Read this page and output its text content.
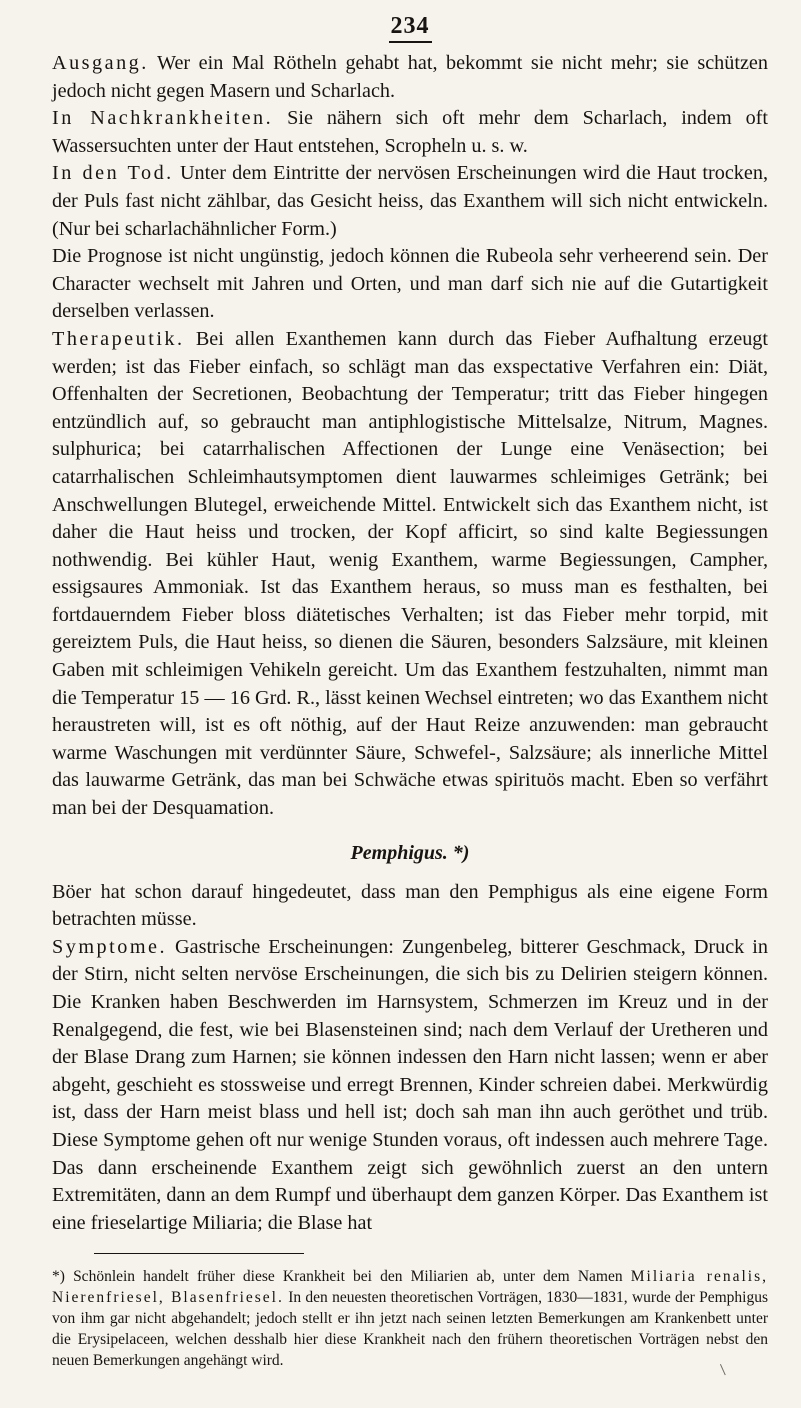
234

Ausgang. Wer ein Mal Rötheln gehabt hat, bekommt sie nicht mehr; sie schützen jedoch nicht gegen Masern und Scharlach.

In Nachkrankheiten. Sie nähern sich oft mehr dem Scharlach, indem oft Wassersuchten unter der Haut entstehen, Scropheln u. s. w.

In den Tod. Unter dem Eintritte der nervösen Erscheinungen wird die Haut trocken, der Puls fast nicht zählbar, das Gesicht heiss, das Exanthem will sich nicht entwickeln. (Nur bei scharlachähnlicher Form.)

Die Prognose ist nicht ungünstig, jedoch können die Rubeola sehr verheerend sein. Der Character wechselt mit Jahren und Orten, und man darf sich nie auf die Gutartigkeit derselben verlassen.

Therapeutik. Bei allen Exanthemen kann durch das Fieber Aufhaltung erzeugt werden; ist das Fieber einfach, so schlägt man das exspectative Verfahren ein: Diät, Offenhalten der Secretionen, Beobachtung der Temperatur; tritt das Fieber hingegen entzündlich auf, so gebraucht man antiphlogistische Mittelsalze, Nitrum, Magnes. sulphurica; bei catarrhalischen Affectionen der Lunge eine Venäsection; bei catarrhalischen Schleimhautsymptomen dient lauwarmes schleimiges Getränk; bei Anschwellungen Blutegel, erweichende Mittel. Entwickelt sich das Exanthem nicht, ist daher die Haut heiss und trocken, der Kopf afficirt, so sind kalte Begiessungen nothwendig. Bei kühler Haut, wenig Exanthem, warme Begiessungen, Campher, essigsaures Ammoniak. Ist das Exanthem heraus, so muss man es festhalten, bei fortdauerndem Fieber bloss diätetisches Verhalten; ist das Fieber mehr torpid, mit gereiztem Puls, die Haut heiss, so dienen die Säuren, besonders Salzsäure, mit kleinen Gaben mit schleimigen Vehikeln gereicht. Um das Exanthem festzuhalten, nimmt man die Temperatur 15 — 16 Grd. R., lässt keinen Wechsel eintreten; wo das Exanthem nicht heraustreten will, ist es oft nöthig, auf der Haut Reize anzuwenden: man gebraucht warme Waschungen mit verdünnter Säure, Schwefel-, Salzsäure; als innerliche Mittel das lauwarme Getränk, das man bei Schwäche etwas spirituös macht. Eben so verfährt man bei der Desquamation.

Pemphigus. *)

Böer hat schon darauf hingedeutet, dass man den Pemphigus als eine eigene Form betrachten müsse.

Symptome. Gastrische Erscheinungen: Zungenbeleg, bitterer Geschmack, Druck in der Stirn, nicht selten nervöse Erscheinungen, die sich bis zu Delirien steigern können. Die Kranken haben Beschwerden im Harnsystem, Schmerzen im Kreuz und in der Renalgegend, die fest, wie bei Blasensteinen sind; nach dem Verlauf der Uretheren und der Blase Drang zum Harnen; sie können indessen den Harn nicht lassen; wenn er aber abgeht, geschieht es stossweise und erregt Brennen, Kinder schreien dabei. Merkwürdig ist, dass der Harn meist blass und hell ist; doch sah man ihn auch geröthet und trüb. Diese Symptome gehen oft nur wenige Stunden voraus, oft indessen auch mehrere Tage. Das dann erscheinende Exanthem zeigt sich gewöhnlich zuerst an den untern Extremitäten, dann an dem Rumpf und überhaupt dem ganzen Körper. Das Exanthem ist eine frieselartige Miliaria; die Blase hat

*) Schönlein handelt früher diese Krankheit bei den Miliarien ab, unter dem Namen Miliaria renalis, Nierenfriesel, Blasenfriesel. In den neuesten theoretischen Vorträgen, 1830—1831, wurde der Pemphigus von ihm gar nicht abgehandelt; jedoch stellt er ihn jetzt nach seinen letzten Bemerkungen am Krankenbett unter die Erysipelaceen, welchen desshalb hier diese Krankheit nach den frühern theoretischen Vorträgen nebst den neuen Bemerkungen angehängt wird.
